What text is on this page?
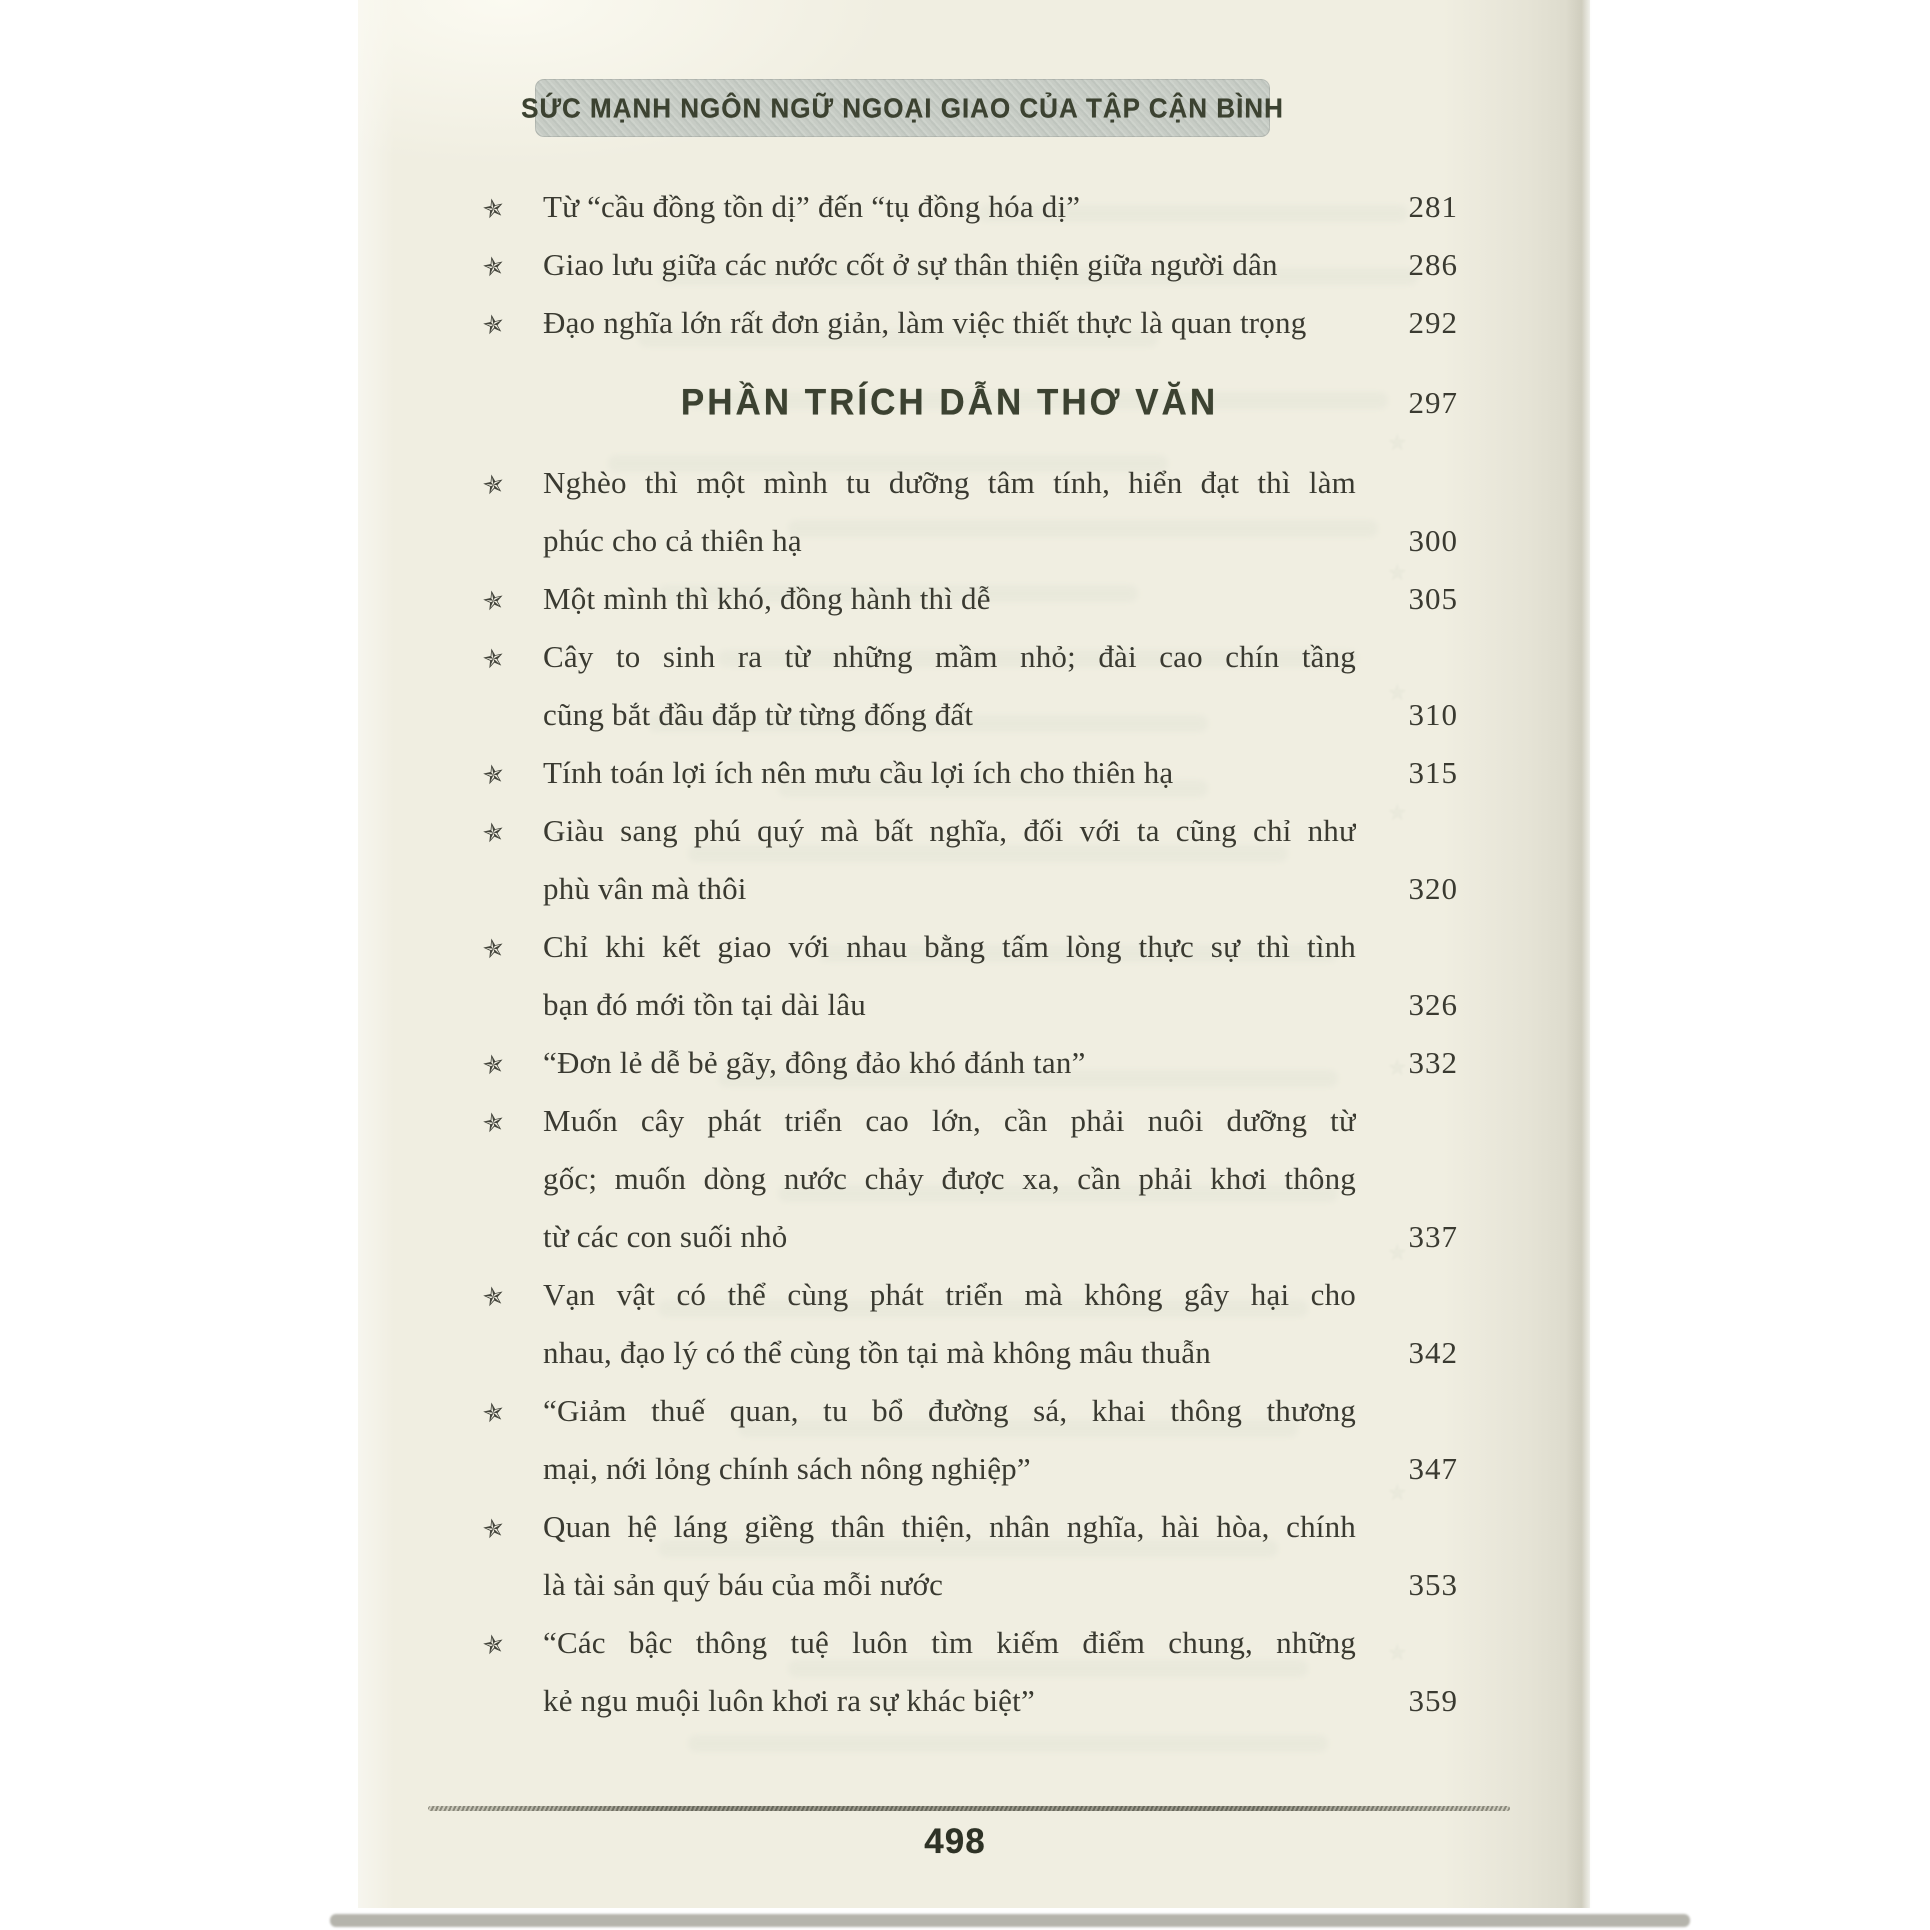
✯
✯
✯
✯
✯
✯
✯
✯
SỨC MẠNH NGÔN NGỮ NGOẠI GIAO CỦA TẬP CẬN BÌNH
✯	Từ “cầu đồng tồn dị” đến “tụ đồng hóa dị”	281
✯	Giao lưu giữa các nước cốt ở sự thân thiện giữa người dân	286
✯	Đạo nghĩa lớn rất đơn giản, làm việc thiết thực là quan trọng	292
PHẦN TRÍCH DẪN THƠ VĂN	297
✯	Nghèo thì một mình tu dưỡng tâm tính, hiển đạt thì làm
phúc cho cả thiên hạ	300
✯	Một mình thì khó, đồng hành thì dễ	305
✯	Cây to sinh ra từ những mầm nhỏ; đài cao chín tầng
cũng bắt đầu đắp từ từng đống đất	310
✯	Tính toán lợi ích nên mưu cầu lợi ích cho thiên hạ	315
✯	Giàu sang phú quý mà bất nghĩa, đối với ta cũng chỉ như
phù vân mà thôi	320
✯	Chỉ khi kết giao với nhau bằng tấm lòng thực sự thì tình
bạn đó mới tồn tại dài lâu	326
✯	“Đơn lẻ dễ bẻ gãy, đông đảo khó đánh tan”	332
✯	Muốn cây phát triển cao lớn, cần phải nuôi dưỡng từ
gốc; muốn dòng nước chảy được xa, cần phải khơi thông
từ các con suối nhỏ	337
✯	Vạn vật có thể cùng phát triển mà không gây hại cho
nhau, đạo lý có thể cùng tồn tại mà không mâu thuẫn	342
✯	“Giảm thuế quan, tu bổ đường sá, khai thông thương
mại, nới lỏng chính sách nông nghiệp”	347
✯	Quan hệ láng giềng thân thiện, nhân nghĩa, hài hòa, chính
là tài sản quý báu của mỗi nước	353
✯	“Các bậc thông tuệ luôn tìm kiếm điểm chung, những
kẻ ngu muội luôn khơi ra sự khác biệt”	359
498
